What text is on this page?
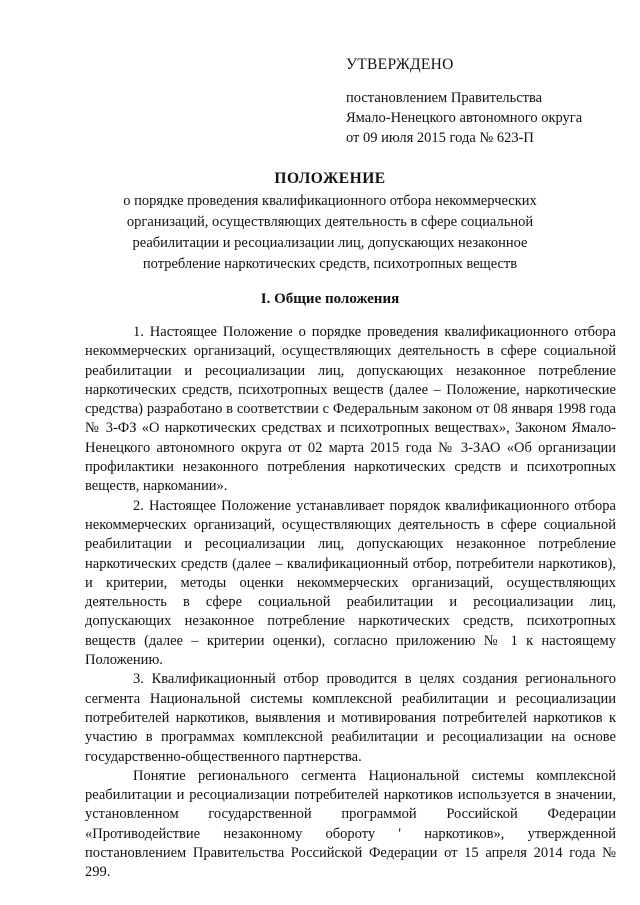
УТВЕРЖДЕНО
постановлением Правительства
Ямало-Ненецкого автономного округа
от 09 июля 2015 года № 623-П
ПОЛОЖЕНИЕ
о порядке проведения квалификационного отбора некоммерческих организаций, осуществляющих деятельность в сфере социальной реабилитации и ресоциализации лиц, допускающих незаконное потребление наркотических средств, психотропных веществ
I. Общие положения

1. Настоящее Положение о порядке проведения квалификационного отбора некоммерческих организаций, осуществляющих деятельность в сфере социальной реабилитации и ресоциализации лиц, допускающих незаконное потребление наркотических средств, психотропных веществ (далее – Положение, наркотические средства) разработано в соответствии с Федеральным законом от 08 января 1998 года № 3-ФЗ «О наркотических средствах и психотропных веществах», Законом Ямало-Ненецкого автономного округа от 02 марта 2015 года № 3-ЗАО «Об организации профилактики незаконного потребления наркотических средств и психотропных веществ, наркомании».

2. Настоящее Положение устанавливает порядок квалификационного отбора некоммерческих организаций, осуществляющих деятельность в сфере социальной реабилитации и ресоциализации лиц, допускающих незаконное потребление наркотических средств (далее – квалификационный отбор, потребители наркотиков), и критерии, методы оценки некоммерческих организаций, осуществляющих деятельность в сфере социальной реабилитации и ресоциализации лиц, допускающих незаконное потребление наркотических средств, психотропных веществ (далее – критерии оценки), согласно приложению № 1 к настоящему Положению.

3. Квалификационный отбор проводится в целях создания регионального сегмента Национальной системы комплексной реабилитации и ресоциализации потребителей наркотиков, выявления и мотивирования потребителей наркотиков к участию в программах комплексной реабилитации и ресоциализации на основе государственно-общественного партнерства.

Понятие регионального сегмента Национальной системы комплексной реабилитации и ресоциализации потребителей наркотиков используется в значении, установленном государственной программой Российской Федерации «Противодействие незаконному обороту ' наркотиков», утвержденной постановлением Правительства Российской Федерации от 15 апреля 2014 года № 299.
